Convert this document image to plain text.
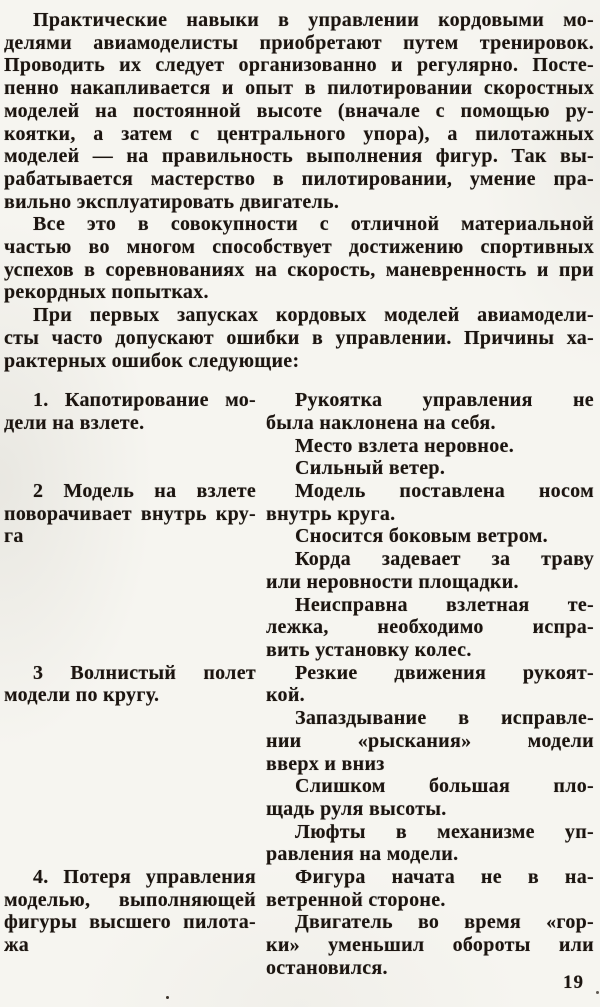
Практические навыки в управлении кордовыми мо-
делями авиамоделисты приобретают путем тренировок.
Проводить их следует организованно и регулярно. Посте-
пенно накапливается и опыт в пилотировании скоростных
моделей на постоянной высоте (вначале с помощью ру-
коятки, а затем с центрального упора), а пилотажных
моделей — на правильность выполнения фигур. Так вы-
рабатывается мастерство в пилотировании, умение пра-
вильно эксплуатировать двигатель.
Все это в совокупности с отличной материальной
частью во многом способствует достижению спортивных
успехов в соревнованиях на скорость, маневренность и при
рекордных попытках.
При первых запусках кордовых моделей авиамодели-
сты часто допускают ошибки в управлении. Причины ха-
рактерных ошибок следующие:
1. Капотирование мо-
дели на взлете.
Рукоятка управления не
была наклонена на себя.
Место взлета неровное.
Сильный ветер.
2 Модель на взлете
поворачивает внутрь кру-
га
Модель поставлена носом
внутрь круга.
Сносится боковым ветром.
Корда задевает за траву
или неровности площадки.
Неисправна взлетная те-
лежка, необходимо испра-
вить установку колес.
3 Волнистый полет
модели по кругу.
Резкие движения рукоят-
кой.
Запаздывание в исправле-
нии «рыскания» модели
вверх и вниз
Слишком большая пло-
щадь руля высоты.
Люфты в механизме уп-
равления на модели.
4. Потеря управления
моделью, выполняющей
фигуры высшего пилота-
жа
Фигура начата не в на-
ветренной стороне.
Двигатель во время «гор-
ки» уменьшил обороты или
остановился.
19
